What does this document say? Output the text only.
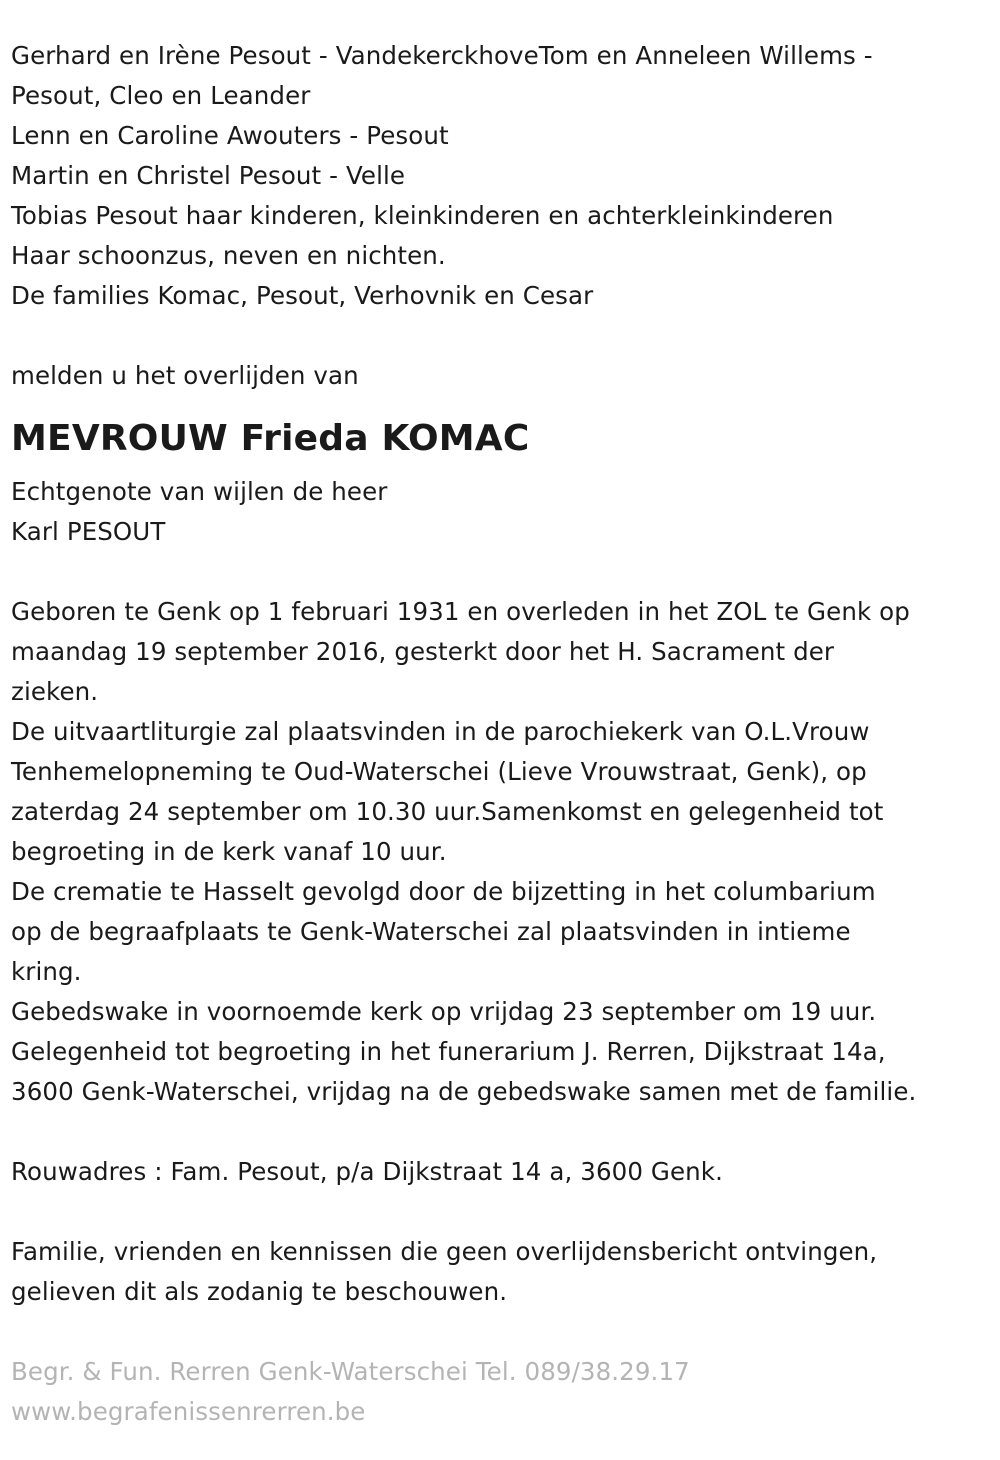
Gerhard en Irène Pesout - VandekerckhoveTom en Anneleen Willems -
Pesout, Cleo en Leander
Lenn en Caroline Awouters - Pesout
Martin en Christel Pesout - Velle
Tobias Pesout haar kinderen, kleinkinderen en achterkleinkinderen
Haar schoonzus, neven en nichten.
De families Komac, Pesout, Verhovnik en Cesar
melden u het overlijden van
MEVROUW Frieda KOMAC
Echtgenote van wijlen de heer
Karl PESOUT
Geboren te Genk op 1 februari 1931 en overleden in het ZOL te Genk op
maandag 19 september 2016, gesterkt door het H. Sacrament der
zieken.
De uitvaartliturgie zal plaatsvinden in de parochiekerk van O.L.Vrouw
Tenhemelopneming te Oud-Waterschei (Lieve Vrouwstraat, Genk), op
zaterdag 24 september om 10.30 uur.Samenkomst en gelegenheid tot
begroeting in de kerk vanaf 10 uur.
De crematie te Hasselt gevolgd door de bijzetting in het columbarium
op de begraafplaats te Genk-Waterschei zal plaatsvinden in intieme
kring.
Gebedswake in voornoemde kerk op vrijdag 23 september om 19 uur.
Gelegenheid tot begroeting in het funerarium J. Rerren, Dijkstraat 14a,
3600 Genk-Waterschei, vrijdag na de gebedswake samen met de familie.
Rouwadres : Fam. Pesout, p/a Dijkstraat 14 a, 3600 Genk.
Familie, vrienden en kennissen die geen overlijdensbericht ontvingen,
gelieven dit als zodanig te beschouwen.
Begr. & Fun. Rerren Genk-Waterschei Tel. 089/38.29.17
www.begrafenissenrerren.be
